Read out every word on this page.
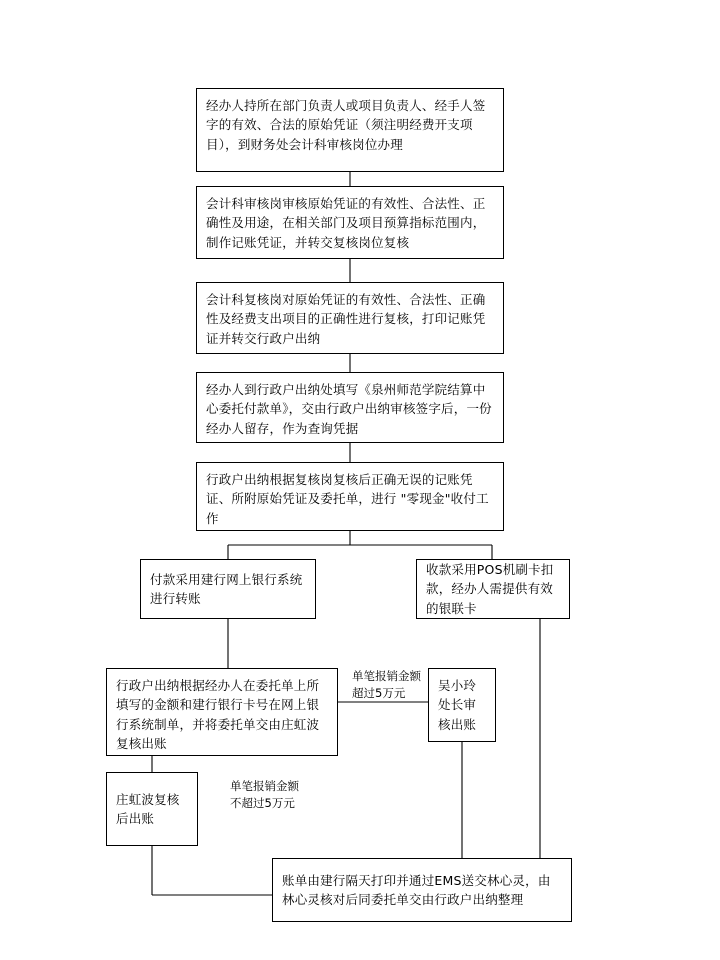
经办人持所在部门负责人或项目负责人、经手人签字的有效、合法的原始凭证（须注明经费开支项目），到财务处会计科审核岗位办理
会计科审核岗审核原始凭证的有效性、合法性、正确性及用途，在相关部门及项目预算指标范围内，制作记账凭证，并转交复核岗位复核
会计科复核岗对原始凭证的有效性、合法性、正确性及经费支出项目的正确性进行复核，打印记账凭证并转交行政户出纳
经办人到行政户出纳处填写《泉州师范学院结算中心委托付款单》，交由行政户出纳审核签字后，一份经办人留存，作为查询凭据
行政户出纳根据复核岗复核后正确无误的记账凭证、所附原始凭证及委托单，进行 "零现金"收付工作
付款采用建行网上银行系统进行转账
收款采用POS机刷卡扣款，经办人需提供有效的银联卡
行政户出纳根据经办人在委托单上所填写的金额和建行银行卡号在网上银行系统制单，并将委托单交由庄虹波复核出账
吴小玲处长审核出账
庄虹波复核后出账
账单由建行隔天打印并通过EMS送交林心灵，由林心灵核对后同委托单交由行政户出纳整理
单笔报销金额超过5万元
单笔报销金额不超过5万元
